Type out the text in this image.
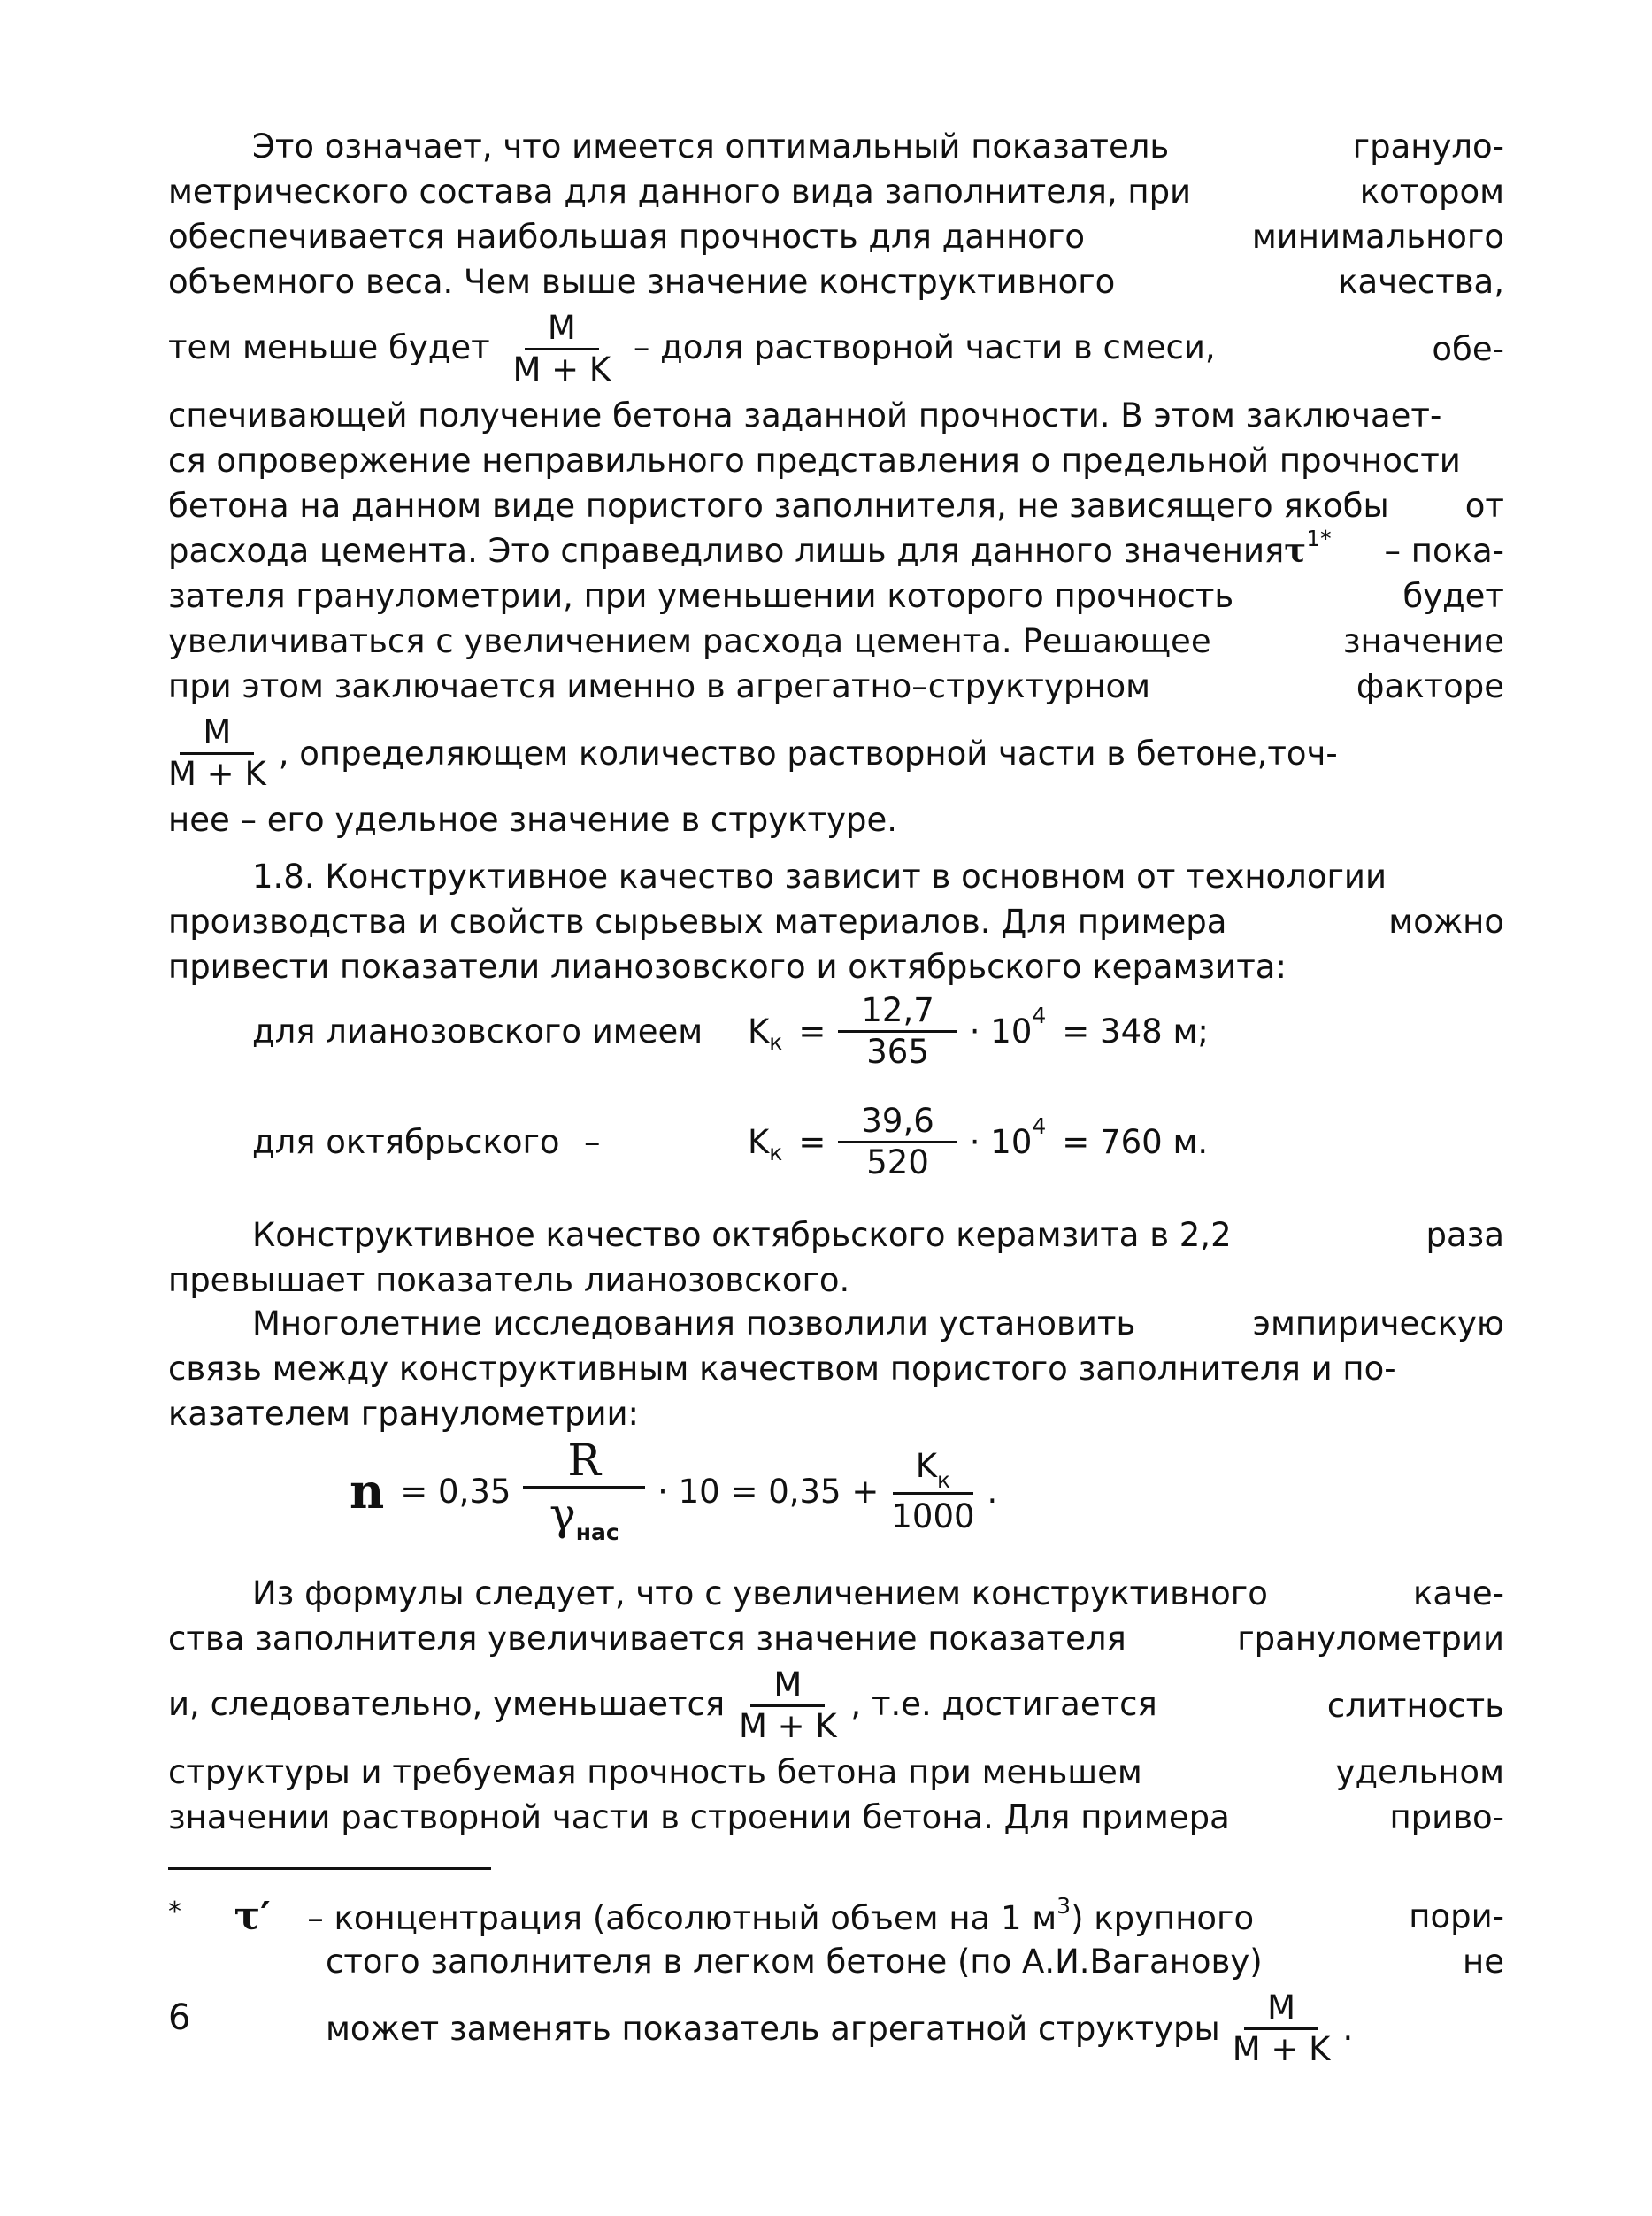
Это означает, что имеется оптимальный показатель	грануло-
метрического состава для данного вида заполнителя, при	котором
обеспечивается наибольшая прочность для данного	минимального
объемного веса. Чем выше значение конструктивного	качества,
тем меньше будет $\frac{M}{M + K}$ – доля растворной части в смеси,	обе-
спечивающей получение бетона заданной прочности. В этом заключает-
ся опровержение неправильного представления о предельной прочности
бетона на данном виде пористого заполнителя, не зависящего якобы от
расхода цемента. Это справедливо лишь для данного значенияτ$^{1*}$ – пока-
зателя гранулометрии, при уменьшении которого прочность	будет
увеличиваться с увеличением расхода цемента. Решающее	значение
при этом заключается именно в агрегатно–структурном	фактоpe
$\frac{M}{M + K}$ , определяющем количество растворной части в бетоне,точ-
нее – его удельное значение в структуре.
1.8. Конструктивное качество зависит в основном от технологии
производства и свойств сырьевых материалов. Для примера	можно
привести показатели лианозовского и октябрьского керамзита:
для лианозовского имеем	K $к = \frac{12,7}{365} \cdot 10$ 4 = 348 м;
для октябрьского –	K $к = \frac{39,6}{520} \cdot 10$ 4 = 760 м.
Конструктивное качество октябрьского керамзита в 2,2	раза
превышает показатель лианозовского.
Многолетние исследования позволили установить	эмпирическую
связь между конструктивным качеством пористого заполнителя и по-
казателем гранулометрии:
$n = 0,35 \frac{R}{\gamma_{нас}} \cdot 10 = 0,35 + \frac{K_к}{1000}$ .
Из формулы следует, что с увеличением конструктивного	каче-
ства заполнителя увеличивается значение показателя	гранулометрии
и, следовательно, уменьшается $\frac{M}{M + K}$ , т.е. достигается	слитность
структуры и требуемая прочность бетона при меньшем	удельном
значении растворной части в строении бетона. Для примера	приво-
* τ′ – концентрация (абсолютный объем на 1 $м^3$) крупного	пори-
стого заполнителя в легком бетоне (по А.И.Ваганову)	не
может заменять показатель агрегатной структуры $\frac{M}{M + K}$ .
6
